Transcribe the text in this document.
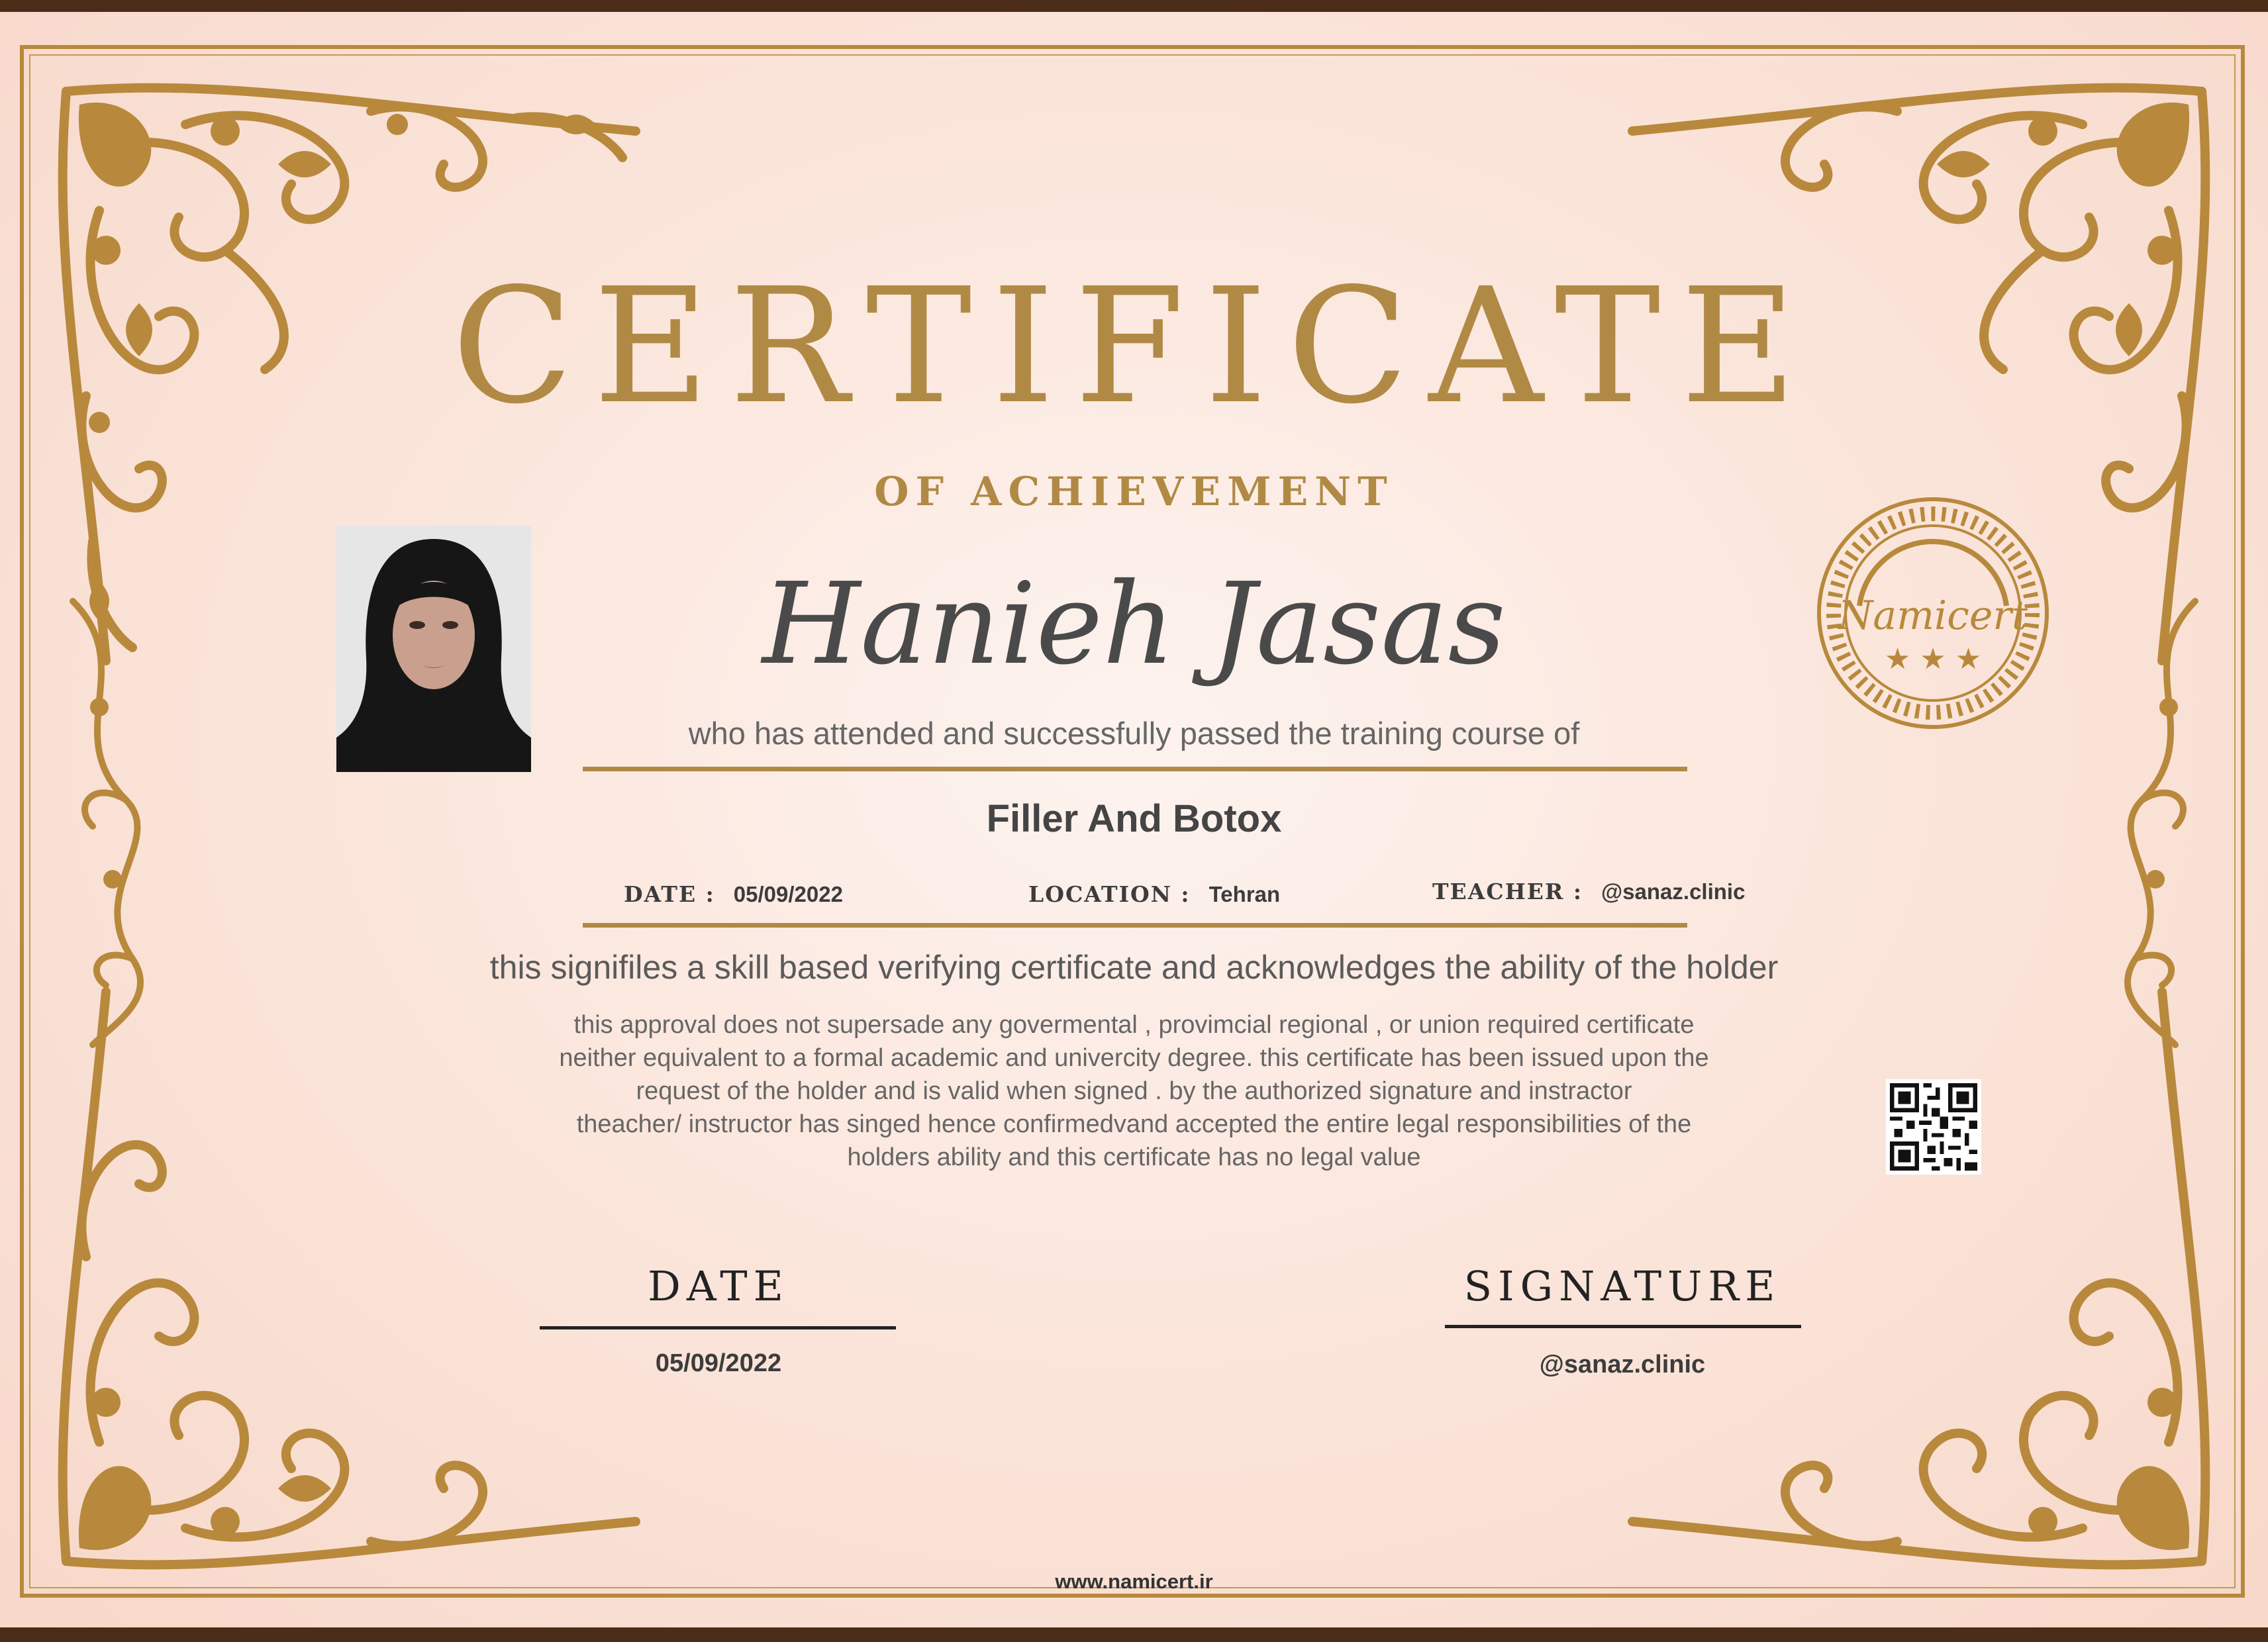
CERTIFICATE
OF ACHIEVEMENT
Namicert
★ ★ ★
Hanieh Jasas
who has attended and successfully passed the training course of
Filler And Botox
DATE : 05/09/2022	LOCATION : Tehran	TEACHER : @sanaz.clinic
this signifiles a skill based verifying certificate and acknowledges the ability of the holder
this approval does not supersade any govermental , provimcial regional , or union required certificate
neither equivalent to a formal academic and univercity degree. this certificate has been issued upon the
request of the holder and is valid when signed . by the authorized signature and instractor
theacher/ instructor has singed hence confirmedvand accepted the entire legal responsibilities of the
holders ability and this certificate has no legal value
DATE
05/09/2022
SIGNATURE
@sanaz.clinic
www.namicert.ir
